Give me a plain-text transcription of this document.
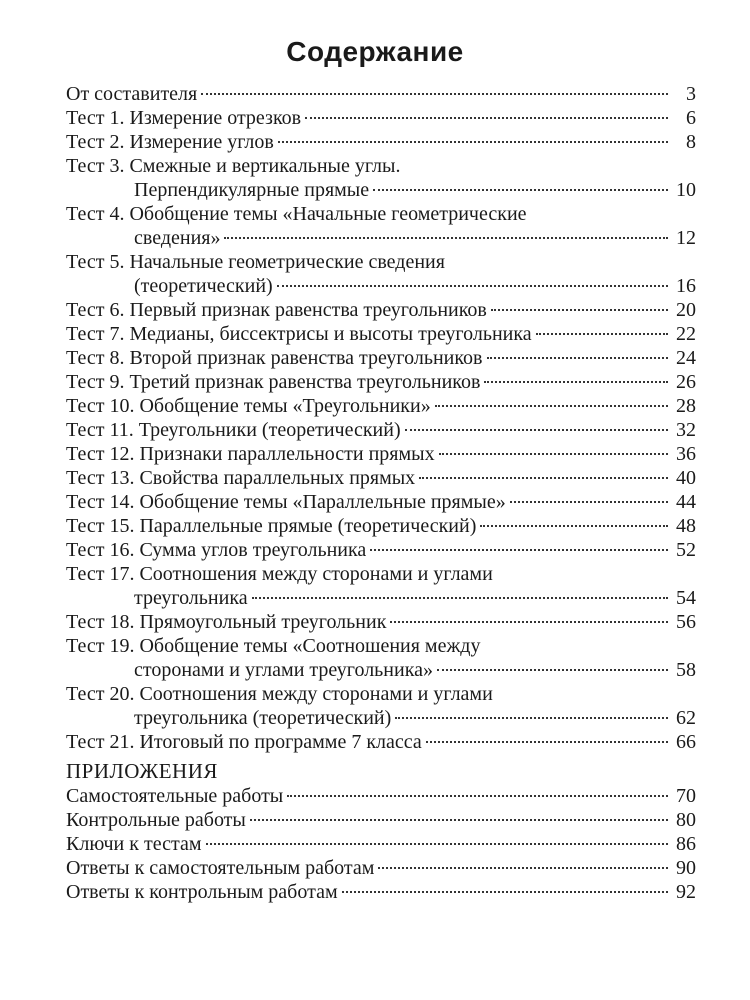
Содержание
От составителя	3
Тест 1. Измерение отрезков	6
Тест 2. Измерение углов	8
Тест 3. Смежные и вертикальные углы.
Перпендикулярные прямые	10
Тест 4. Обобщение темы «Начальные геометрические
сведения»	12
Тест 5. Начальные геометрические сведения
(теоретический)	16
Тест 6. Первый признак равенства треугольников	20
Тест 7. Медианы, биссектрисы и высоты треугольника	22
Тест 8. Второй признак равенства треугольников	24
Тест 9. Третий признак равенства треугольников	26
Тест 10. Обобщение темы «Треугольники»	28
Тест 11. Треугольники (теоретический)	32
Тест 12. Признаки параллельности прямых	36
Тест 13. Свойства параллельных прямых	40
Тест 14. Обобщение темы «Параллельные прямые»	44
Тест 15. Параллельные прямые (теоретический)	48
Тест 16. Сумма углов треугольника	52
Тест 17. Соотношения между сторонами и углами
треугольника	54
Тест 18. Прямоугольный треугольник	56
Тест 19. Обобщение темы «Соотношения между
сторонами и углами треугольника»	58
Тест 20. Соотношения между сторонами и углами
треугольника (теоретический)	62
Тест 21. Итоговый по программе 7 класса	66
ПРИЛОЖЕНИЯ
Самостоятельные работы	70
Контрольные работы	80
Ключи к тестам	86
Ответы к самостоятельным работам	90
Ответы к контрольным работам	92
